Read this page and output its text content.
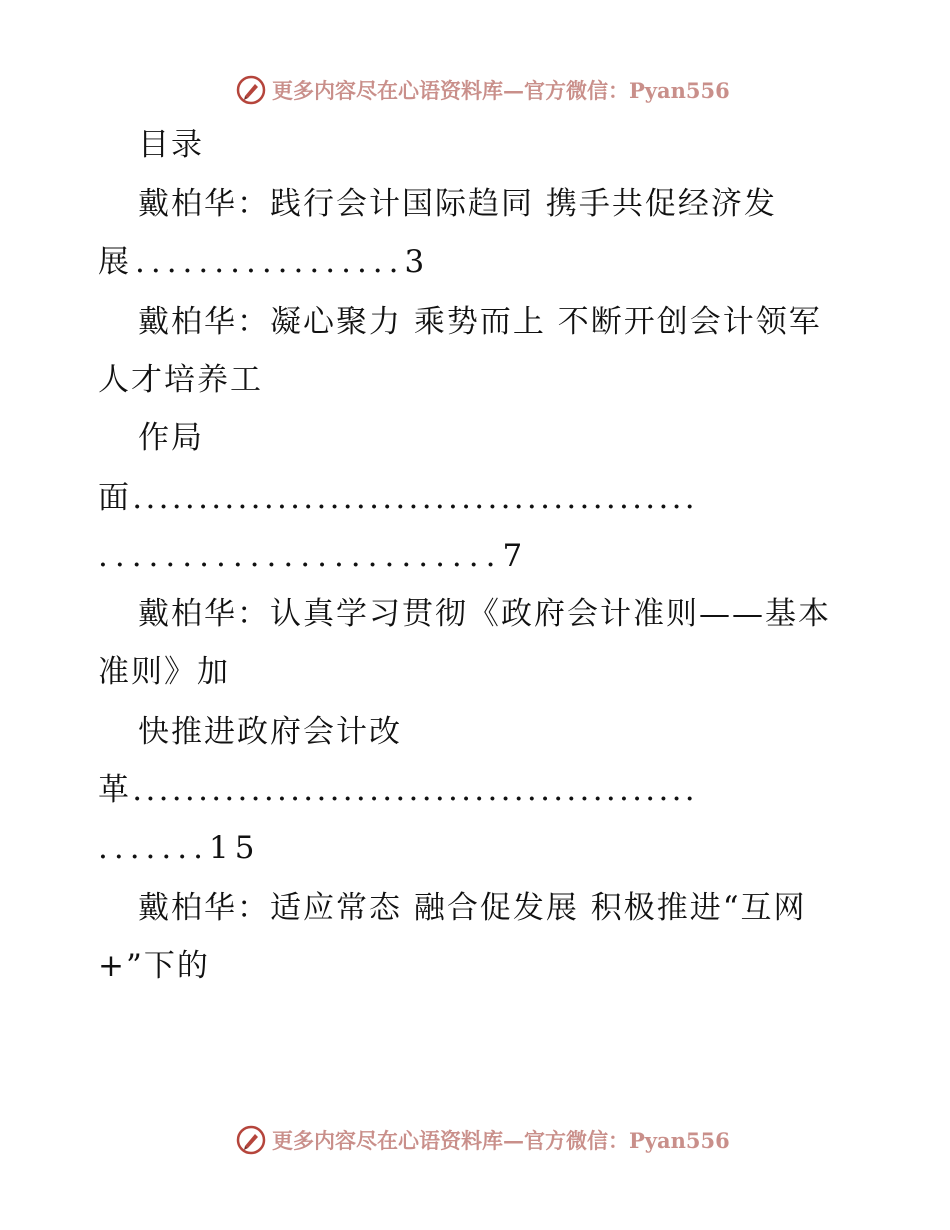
更多内容尽在心语资料库—官方微信：Pyan556
目录
戴柏华：践行会计国际趋同 携手共促经济发
展.................3
戴柏华：凝心聚力 乘势而上 不断开创会计领军
人才培养工
作局
面...........................................
........................7
戴柏华：认真学习贯彻《政府会计准则——基本
准则》加
快推进政府会计改
革...........................................
.......15
戴柏华：适应常态 融合促发展 积极推进“互网
+”下的
更多内容尽在心语资料库—官方微信：Pyan556
